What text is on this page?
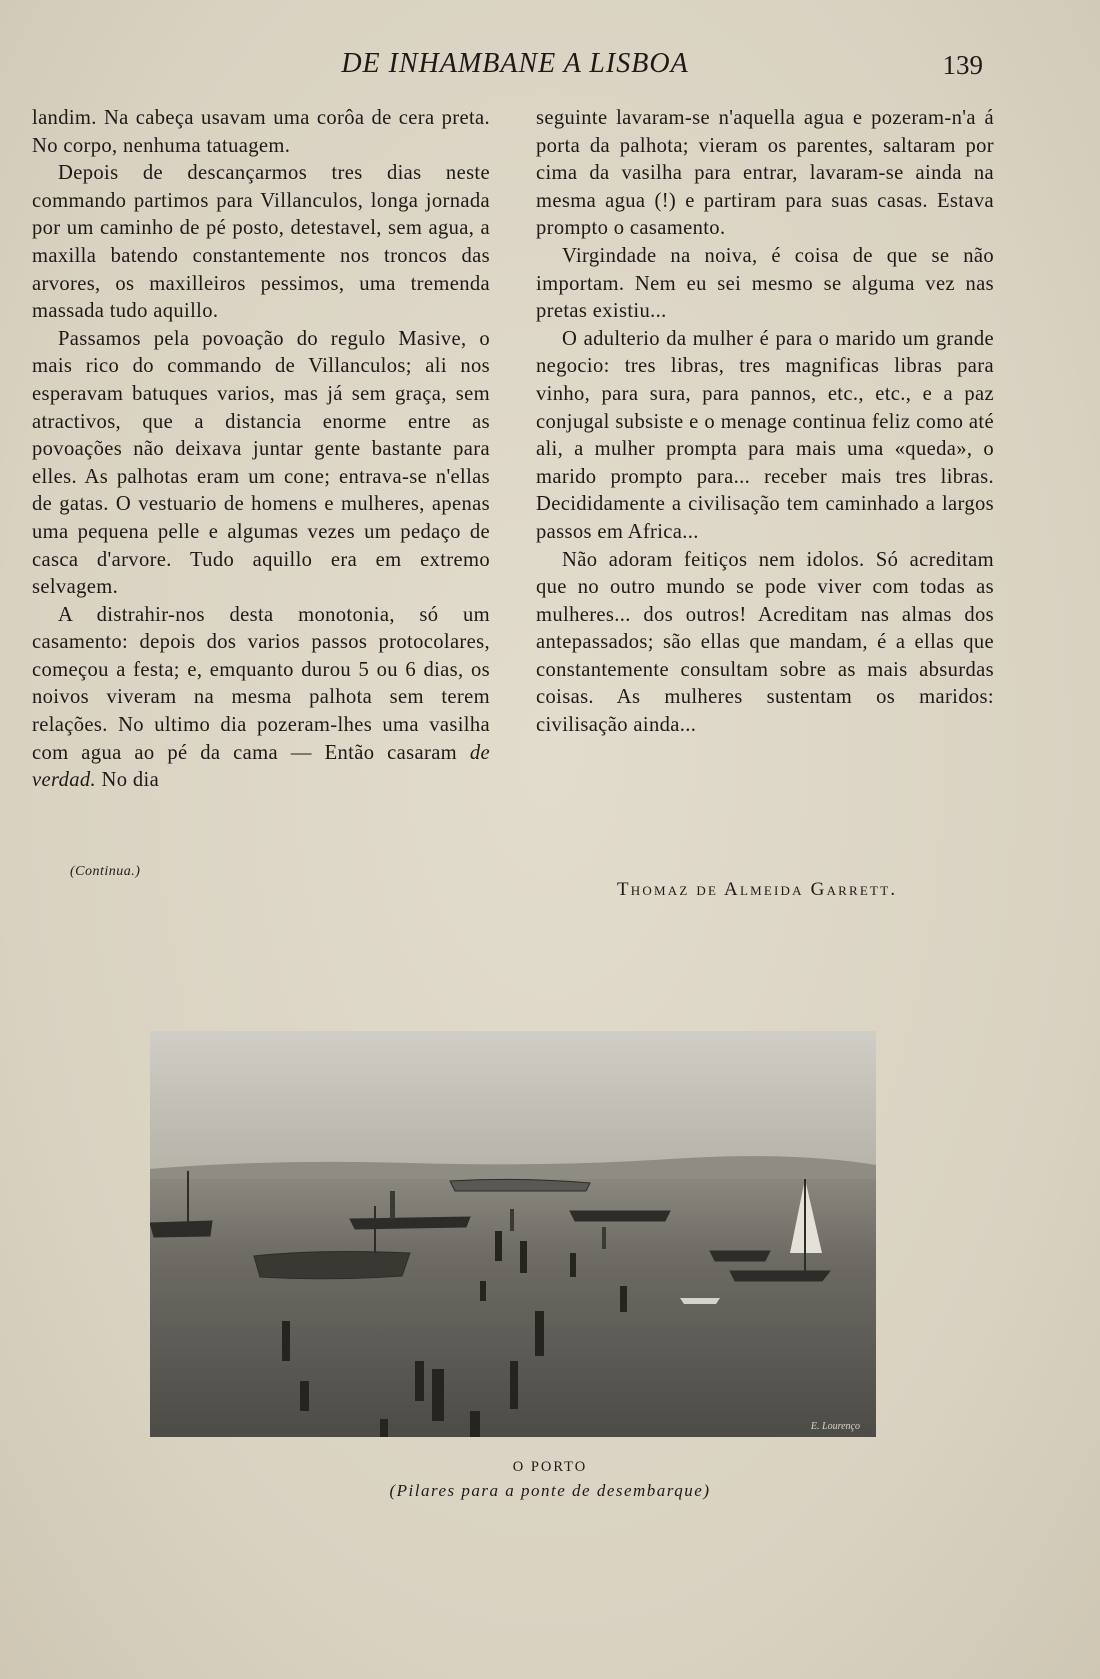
DE INHAMBANE A LISBOA	139

landim. Na cabeça usavam uma corôa de cera preta. No corpo, nenhuma tatuagem.

Depois de descançarmos tres dias neste commando partimos para Villanculos, longa jornada por um caminho de pé posto, detestavel, sem agua, a maxilla batendo constantemente nos troncos das arvores, os maxilleiros pessimos, uma tremenda massada tudo aquillo.

Passamos pela povoação do regulo Masive, o mais rico do commando de Villanculos; ali nos esperavam batuques varios, mas já sem graça, sem atractivos, que a distancia enorme entre as povoações não deixava juntar gente bastante para elles. As palhotas eram um cone; entrava-se n'ellas de gatas. O vestuario de homens e mulheres, apenas uma pequena pelle e algumas vezes um pedaço de casca d'arvore. Tudo aquillo era em extremo selvagem.

A distrahir-nos desta monotonia, só um casamento: depois dos varios passos protocolares, começou a festa; e, emquanto durou 5 ou 6 dias, os noivos viveram na mesma palhota sem terem relações. No ultimo dia pozeram-lhes uma vasilha com agua ao pé da cama — Então casaram de verdad. No dia

seguinte lavaram-se n'aquella agua e pozeram-n'a á porta da palhota; vieram os parentes, saltaram por cima da vasilha para entrar, lavaram-se ainda na mesma agua (!) e partiram para suas casas. Estava prompto o casamento.

Virgindade na noiva, é coisa de que se não importam. Nem eu sei mesmo se alguma vez nas pretas existiu...

O adulterio da mulher é para o marido um grande negocio: tres libras, tres magnificas libras para vinho, para sura, para pannos, etc., etc., e a paz conjugal subsiste e o menage continua feliz como até ali, a mulher prompta para mais uma «queda», o marido prompto para... receber mais tres libras. Decididamente a civilisação tem caminhado a largos passos em Africa...

Não adoram feitiços nem idolos. Só acreditam que no outro mundo se pode viver com todas as mulheres... dos outros! Acreditam nas almas dos antepassados; são ellas que mandam, é a ellas que constantemente consultam sobre as mais absurdas coisas. As mulheres sustentam os maridos: civilisação ainda...

(Continua.)
Thomaz de Almeida Garrett.
E. Lourenço
O PORTO
(Pilares para a ponte de desembarque)
